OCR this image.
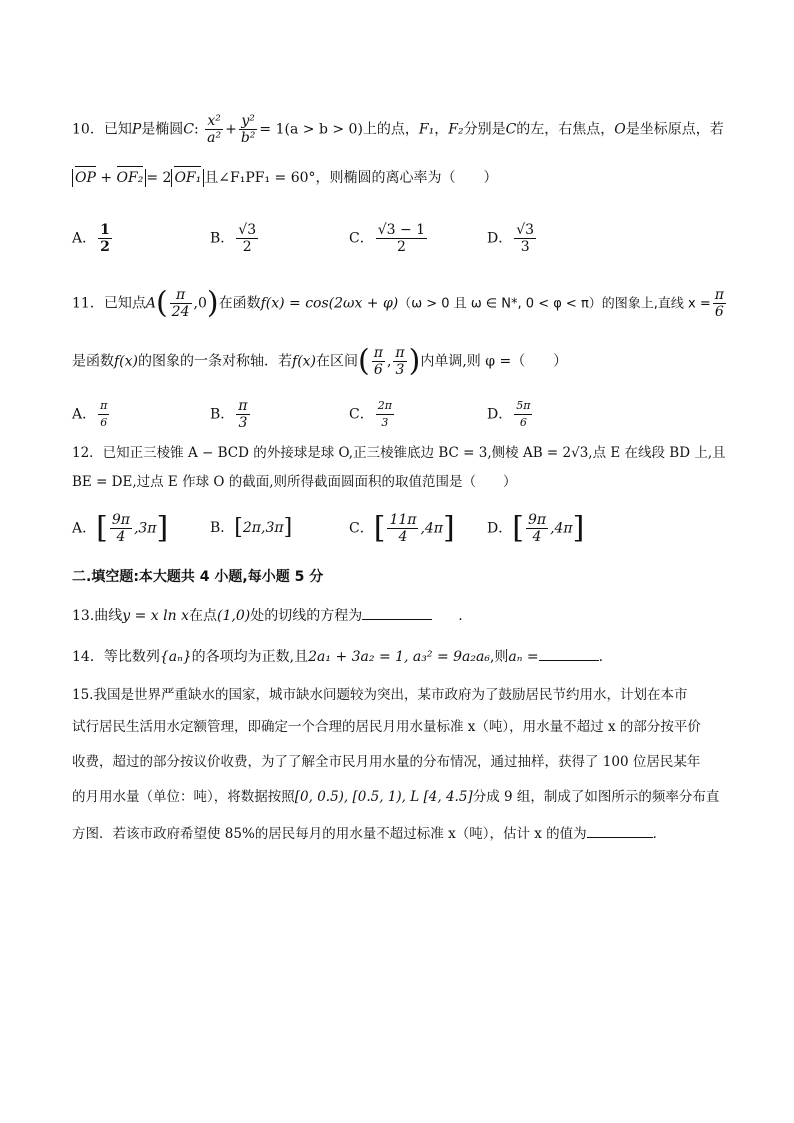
10．已知P是椭圆C: $\frac{\text{x²}}{\text{a²}} + \frac{\text{y²}}{\text{b²}} = 1(a > b > 0)$上的点，F₁，F₂分别是C的左，右焦点，O是坐标原点，若
OP + OF₂ = 2 OF₁ 且∠F₁PF₁ = 60°，则椭圆的离心率为（　　）
A． $\frac{1}{2}$	B． $\frac{√3}{2}$	C． $\frac{√3 - 1}{2}$	D． $\frac{√3}{3}$
11．已知点$A( \frac{\pi}{24} ,0)$在函数f(x) = cos(2ωx + φ)（ω > 0 且 ω ∈ N*, 0 < φ < π）的图象上,直线 $x = \frac{\pi}{6}$
是函数f(x)的图象的一条对称轴．若f(x)在区间( $\frac{\pi}{6}$ , $\frac{\pi}{3}$ )内单调,则 φ =（　　）
A． $\frac{\pi}{6}$	B． $\frac{\pi}{3}$	C． $\frac{2\pi}{3}$	D． $\frac{5\pi}{6}$
12．已知正三棱锥 A − BCD 的外接球是球 O,正三棱锥底边 BC = 3,侧棱 AB = 2√3,点 E 在线段 BD 上,且
BE = DE,过点 E 作球 O 的截面,则所得截面圆面积的取值范围是（　　）
A．[ $\frac{9\pi}{4} ,3\pi$]	B．[2π,3π]	C．[ $\frac{11\pi}{4} ,4\pi$] D．[ $\frac{9\pi}{4} ,4\pi$]
二.填空题:本大题共 4 小题,每小题 5 分
13.曲线y = x ln x在点(1,0)处的切线的方程为	.
14．等比数列{aₙ}的各项均为正数,且2a₁ + 3a₂ = 1, a₃² = 9a₂a₆,则aₙ =	.
15.我国是世界严重缺水的国家，城市缺水问题较为突出，某市政府为了鼓励居民节约用水，计划在本市
试行居民生活用水定额管理，即确定一个合理的居民月用水量标准 x（吨），用水量不超过 x 的部分按平价
收费，超过的部分按议价收费，为了了解全市民月用水量的分布情况，通过抽样，获得了 100 位居民某年
的月用水量（单位：吨），将数据按照[0, 0.5), [0.5, 1), L [4, 4.5]分成 9 组，制成了如图所示的频率分布直
方图．若该市政府希望使 85%的居民每月的用水量不超过标准 x（吨），估计 x 的值为	．
